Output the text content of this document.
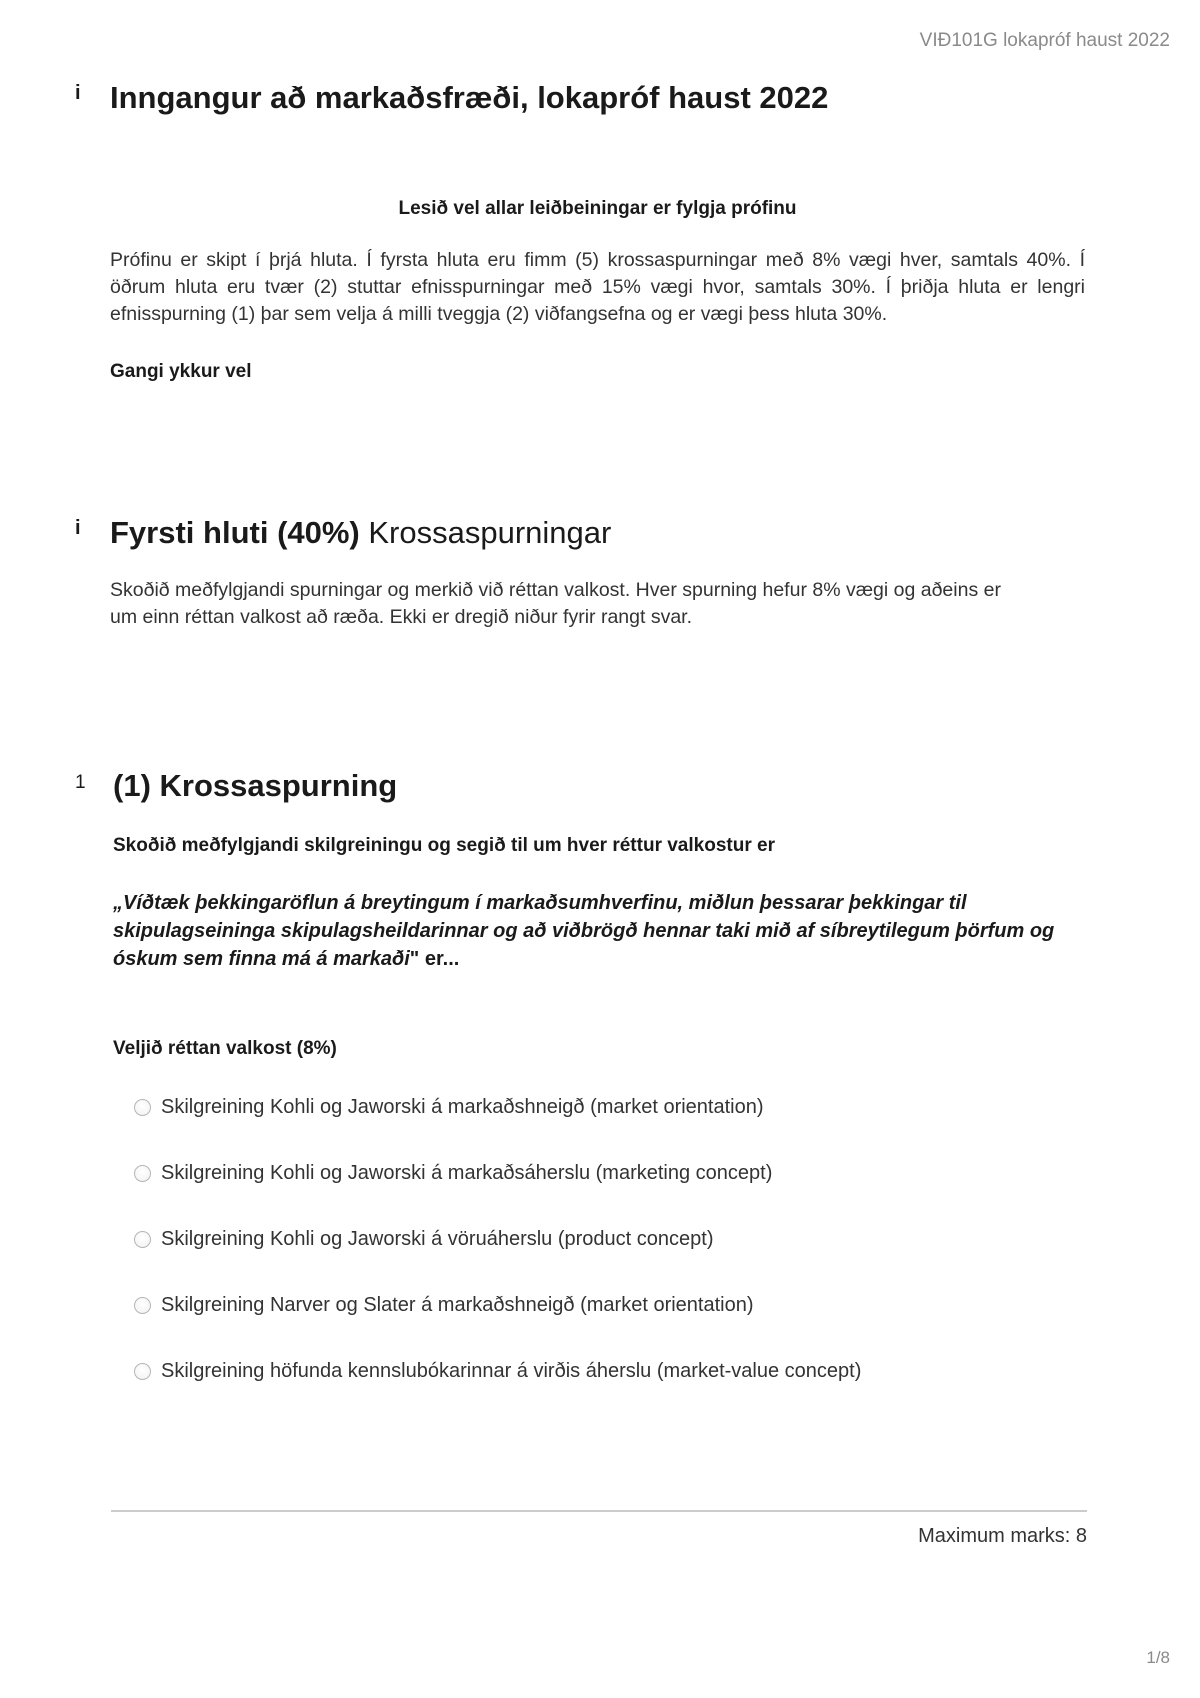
VIÐ101G lokapróf haust 2022
i Inngangur að markaðsfræði, lokapróf haust 2022
Lesið vel allar leiðbeiningar er fylgja prófinu
Prófinu er skipt í þrjá hluta. Í fyrsta hluta eru fimm (5) krossaspurningar með 8% vægi hver, samtals 40%. Í öðrum hluta eru tvær (2) stuttar efnisspurningar með 15% vægi hvor, samtals 30%. Í þriðja hluta er lengri efnisspurning (1) þar sem velja á milli tveggja (2) viðfangsefna og er vægi þess hluta 30%.
Gangi ykkur vel
i Fyrsti hluti (40%) Krossaspurningar
Skoðið meðfylgjandi spurningar og merkið við réttan valkost. Hver spurning hefur 8% vægi og aðeins er um einn réttan valkost að ræða. Ekki er dregið niður fyrir rangt svar.
1 (1) Krossaspurning
Skoðið meðfylgjandi skilgreiningu og segið til um hver réttur valkostur er
„Víðtæk þekkingaröflun á breytingum í markaðsumhverfinu, miðlun þessarar þekkingar til skipulagseininga skipulagsheildarinnar og að viðbrögð hennar taki mið af síbreytilegum þörfum og óskum sem finna má á markaði" er...
Veljið réttan valkost (8%)
Skilgreining Kohli og Jaworski á markaðshneigð (market orientation)
Skilgreining Kohli og Jaworski á markaðsáherslu (marketing concept)
Skilgreining Kohli og Jaworski á vöruáherslu (product concept)
Skilgreining Narver og Slater á markaðshneigð (market orientation)
Skilgreining höfunda kennslubókarinnar á virðis áherslu (market-value concept)
Maximum marks: 8
1/8
